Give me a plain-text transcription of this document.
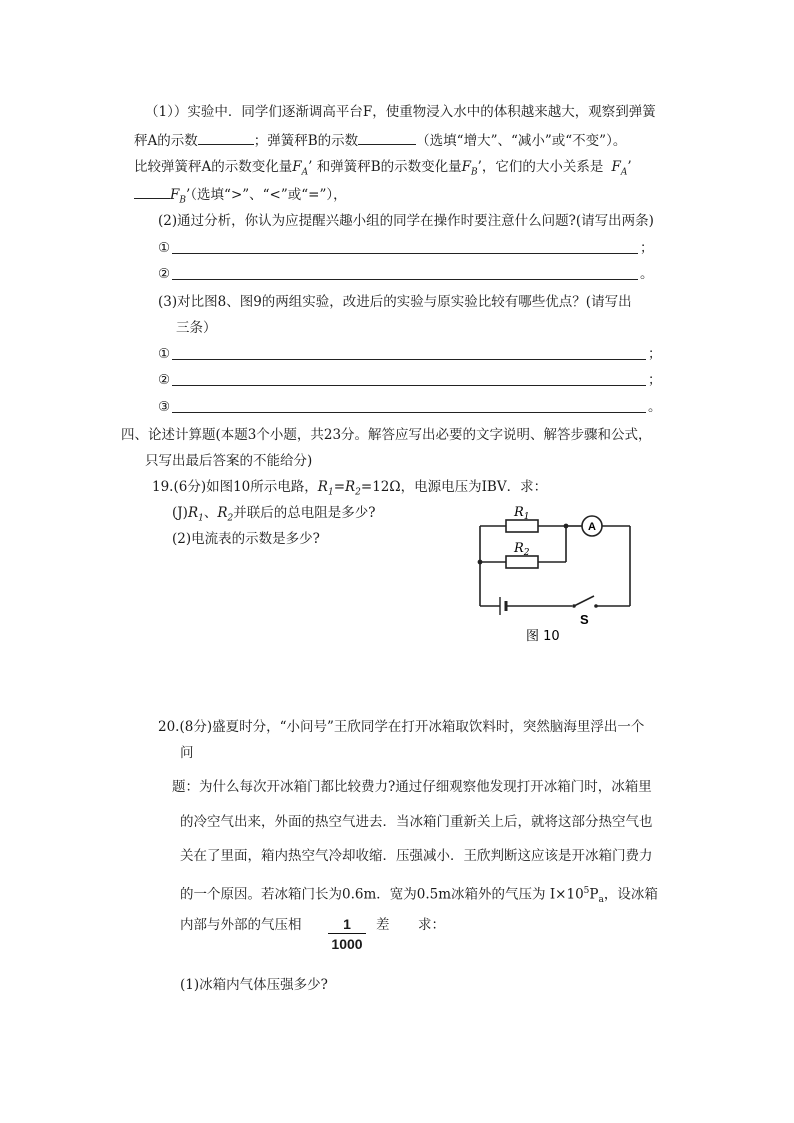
（1））实验中．同学们逐渐调高平台F，使重物浸入水中的体积越来越大，观察到弹簧
秤A的示数	；弹簧秤B的示数	（选填“增大”、“减小”或“不变”）。
比较弹簧秤A的示数变化量$F_A$’ 和弹簧秤B的示数变化量$F_B$’，它们的大小关系是 $F_A$’
$F_B$’（选填“>”、“<”或“=”），
(2)通过分析，你认为应提醒兴趣小组的同学在操作时要注意什么问题?(请写出两条)
①	；
②	。
(3)对比图8、图9的两组实验，改进后的实验与原实验比较有哪些优点？(请写出
三条）
①	；
②	；
③	。
四、论述计算题(本题3个小题，共23分。解答应写出必要的文字说明、解答步骤和公式，
只写出最后答案的不能给分)
19.(6分)如图10所示电路，$R_1=R_2=12\Omega$，电源电压为IBV．求：
$(J)R_1$、$R_2$并联后的总电阻是多少?
(2)电流表的示数是多少?
$R_1$
$R_2$
A
S
图 10
20.(8分)盛夏时分，“小问号”王欣同学在打开冰箱取饮料时，突然脑海里浮出一个
问
题：为什么每次开冰箱门都比较费力?通过仔细观察他发现打开冰箱门时，冰箱里
的冷空气出来，外面的热空气进去．当冰箱门重新关上后，就将这部分热空气也
关在了里面，箱内热空气冷却收缩．压强减小．王欣判断这应该是开冰箱门费力
的一个原因。若冰箱门长为0.6m．宽为0.5m冰箱外的气压为 $I\times 10^5P_a$，设冰箱
内部与外部的气压相 $\frac{1}{1000}$ 差 求：
(1)冰箱内气体压强多少?
